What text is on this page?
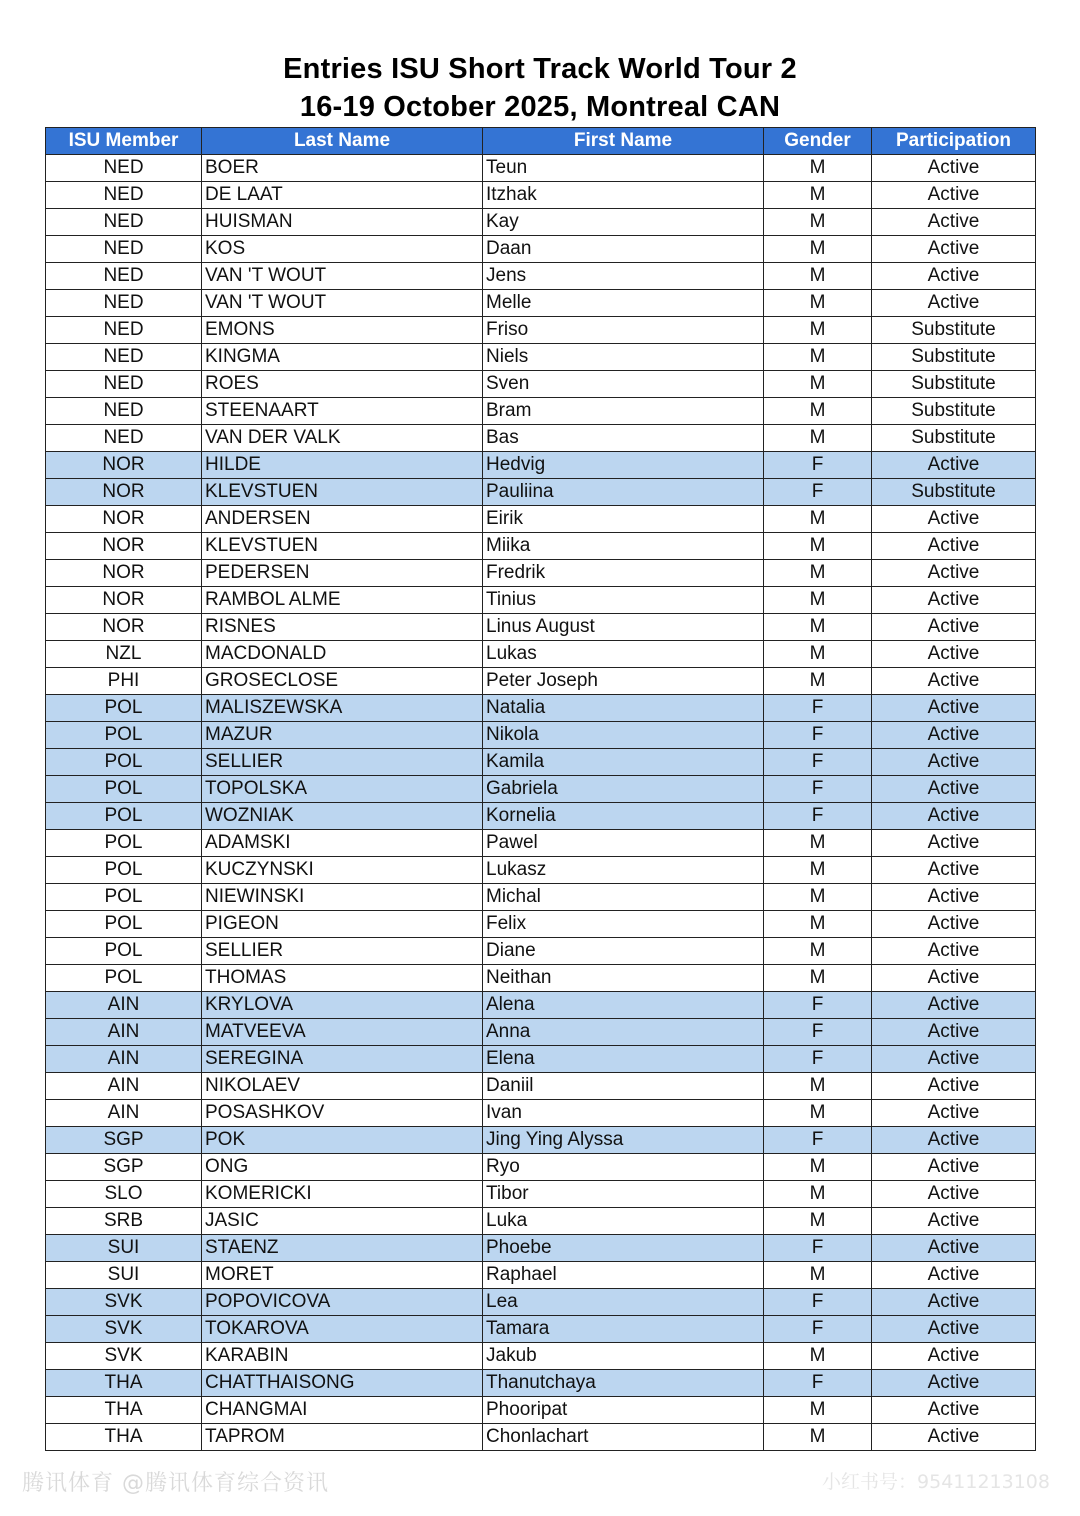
Entries ISU Short Track World Tour 2
16-19 October 2025, Montreal CAN
ISU Member	Last Name	First Name	Gender	Participation
NED	BOER	Teun	M	Active
NED	DE LAAT	Itzhak	M	Active
NED	HUISMAN	Kay	M	Active
NED	KOS	Daan	M	Active
NED	VAN 'T WOUT	Jens	M	Active
NED	VAN 'T WOUT	Melle	M	Active
NED	EMONS	Friso	M	Substitute
NED	KINGMA	Niels	M	Substitute
NED	ROES	Sven	M	Substitute
NED	STEENAART	Bram	M	Substitute
NED	VAN DER VALK	Bas	M	Substitute
NOR	HILDE	Hedvig	F	Active
NOR	KLEVSTUEN	Pauliina	F	Substitute
NOR	ANDERSEN	Eirik	M	Active
NOR	KLEVSTUEN	Miika	M	Active
NOR	PEDERSEN	Fredrik	M	Active
NOR	RAMBOL ALME	Tinius	M	Active
NOR	RISNES	Linus August	M	Active
NZL	MACDONALD	Lukas	M	Active
PHI	GROSECLOSE	Peter Joseph	M	Active
POL	MALISZEWSKA	Natalia	F	Active
POL	MAZUR	Nikola	F	Active
POL	SELLIER	Kamila	F	Active
POL	TOPOLSKA	Gabriela	F	Active
POL	WOZNIAK	Kornelia	F	Active
POL	ADAMSKI	Pawel	M	Active
POL	KUCZYNSKI	Lukasz	M	Active
POL	NIEWINSKI	Michal	M	Active
POL	PIGEON	Felix	M	Active
POL	SELLIER	Diane	M	Active
POL	THOMAS	Neithan	M	Active
AIN	KRYLOVA	Alena	F	Active
AIN	MATVEEVA	Anna	F	Active
AIN	SEREGINA	Elena	F	Active
AIN	NIKOLAEV	Daniil	M	Active
AIN	POSASHKOV	Ivan	M	Active
SGP	POK	Jing Ying Alyssa	F	Active
SGP	ONG	Ryo	M	Active
SLO	KOMERICKI	Tibor	M	Active
SRB	JASIC	Luka	M	Active
SUI	STAENZ	Phoebe	F	Active
SUI	MORET	Raphael	M	Active
SVK	POPOVICOVA	Lea	F	Active
SVK	TOKAROVA	Tamara	F	Active
SVK	KARABIN	Jakub	M	Active
THA	CHATTHAISONG	Thanutchaya	F	Active
THA	CHANGMAI	Phooripat	M	Active
THA	TAPROM	Chonlachart	M	Active
腾讯体育 @腾讯体育综合资讯	小红书号：95411213108
